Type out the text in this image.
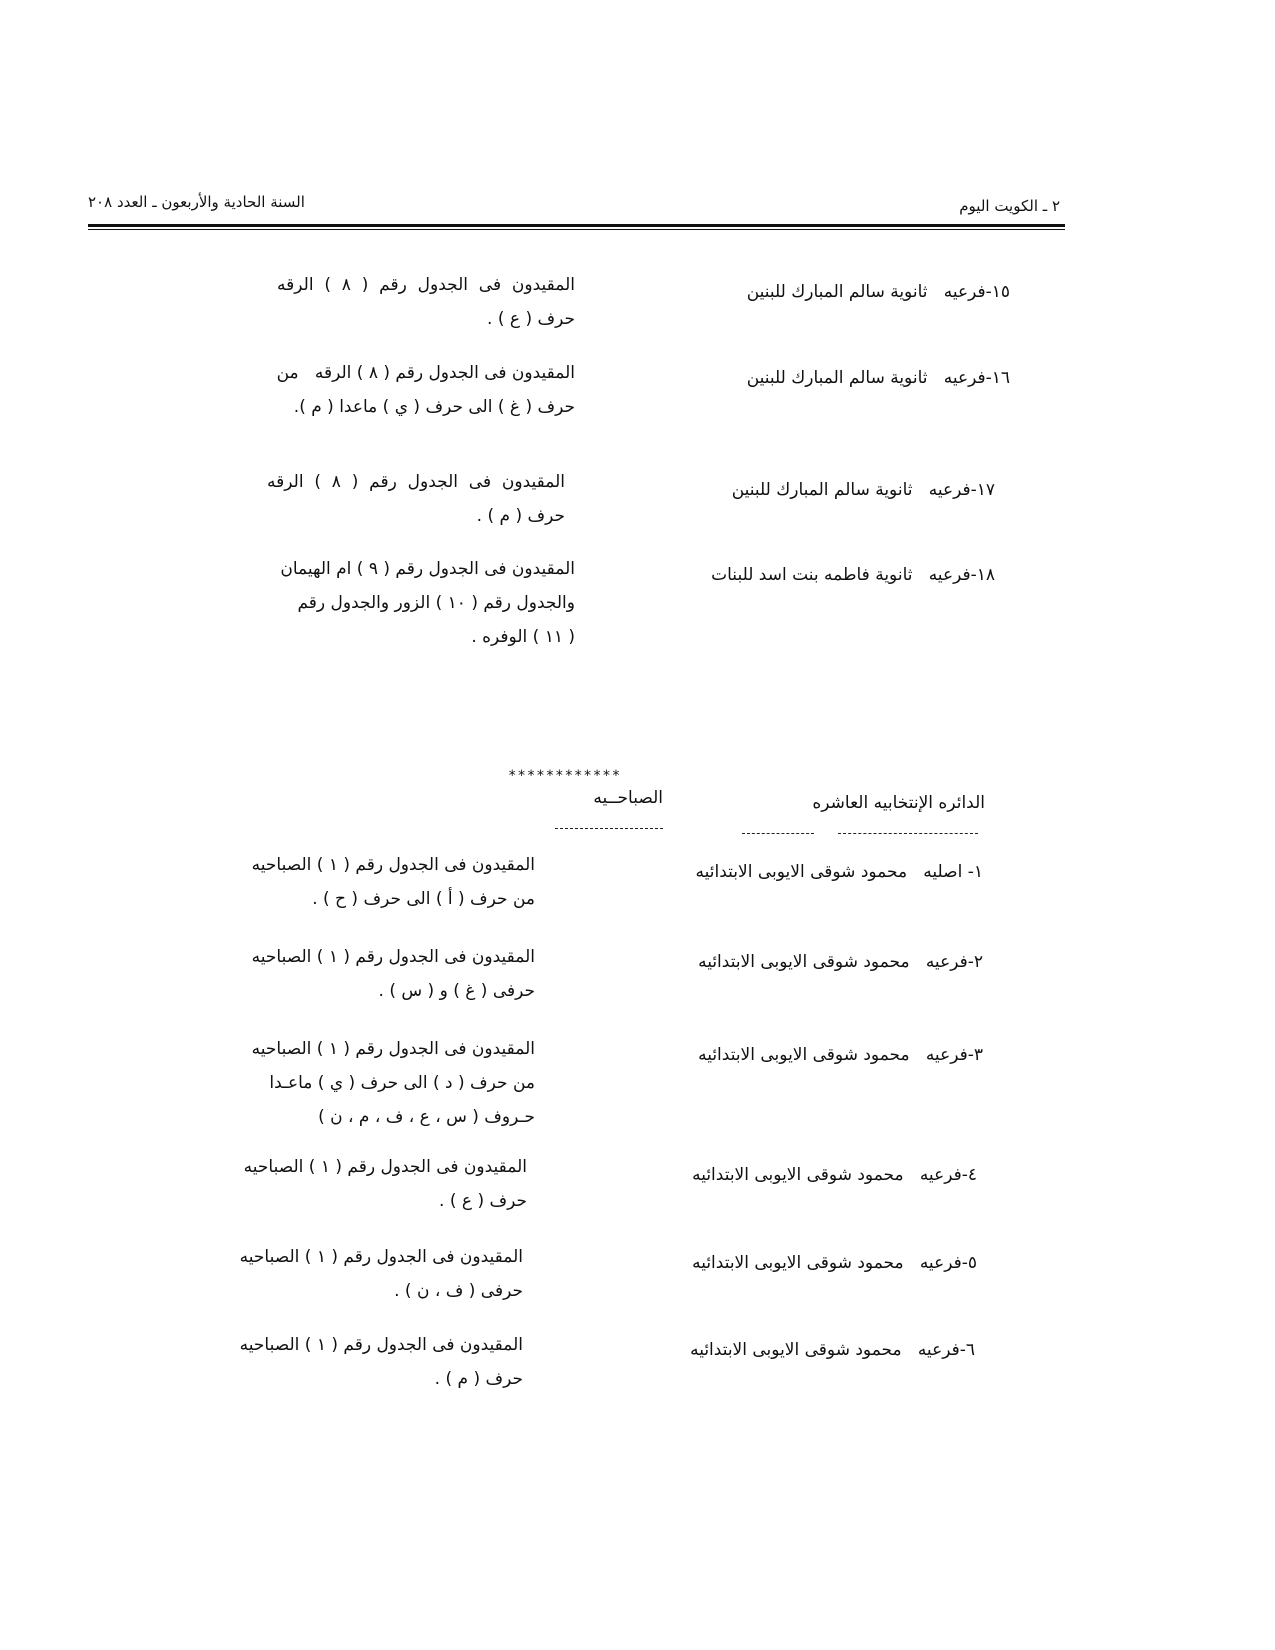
٢ ـ الكويت اليوم
السنة الحادية والأربعون ـ العدد ٢٠٨
١٥-فرعيه   ثانوية سالم المبارك للبنين
المقيدون  فى  الجدول  رقم  (  ٨  )  الرقه
حرف ( ع ) .
١٦-فرعيه   ثانوية سالم المبارك للبنين
المقيدون فى الجدول رقم ( ٨ ) الرقه   من
حرف ( غ ) الى حرف ( ي ) ماعدا ( م ).
١٧-فرعيه   ثانوية سالم المبارك للبنين
المقيدون  فى  الجدول  رقم  (  ٨  )  الرقه
حرف ( م ) .
١٨-فرعيه   ثانوية فاطمه بنت اسد للبنات
المقيدون فى الجدول رقم ( ٩ ) ام الهيمان
والجدول رقم ( ١٠ ) الزور والجدول رقم
( ١١ ) الوفره .
************
الدائره الإنتخابيه العاشره
الصباحــيه
١- اصليه   محمود شوقى الايوبى الابتدائيه
المقيدون فى الجدول رقم ( ١ ) الصباحيه
من حرف ( أ ) الى حرف ( ح ) .
٢-فرعيه   محمود شوقى الايوبى الابتدائيه
المقيدون فى الجدول رقم ( ١ ) الصباحيه
حرفى ( غ ) و ( س ) .
٣-فرعيه   محمود شوقى الايوبى الابتدائيه
المقيدون فى الجدول رقم ( ١ ) الصباحيه
من حرف ( د ) الى حرف ( ي ) ماعـدا
حـروف ( س ، ع ، ف ، م ، ن )
٤-فرعيه   محمود شوقى الايوبى الابتدائيه
المقيدون فى الجدول رقم ( ١ ) الصباحيه
حرف ( ع ) .
٥-فرعيه   محمود شوقى الايوبى الابتدائيه
المقيدون فى الجدول رقم ( ١ ) الصباحيه
حرفى ( ف ، ن ) .
٦-فرعيه   محمود شوقى الايوبى الابتدائيه
المقيدون فى الجدول رقم ( ١ ) الصباحيه
حرف ( م ) .
